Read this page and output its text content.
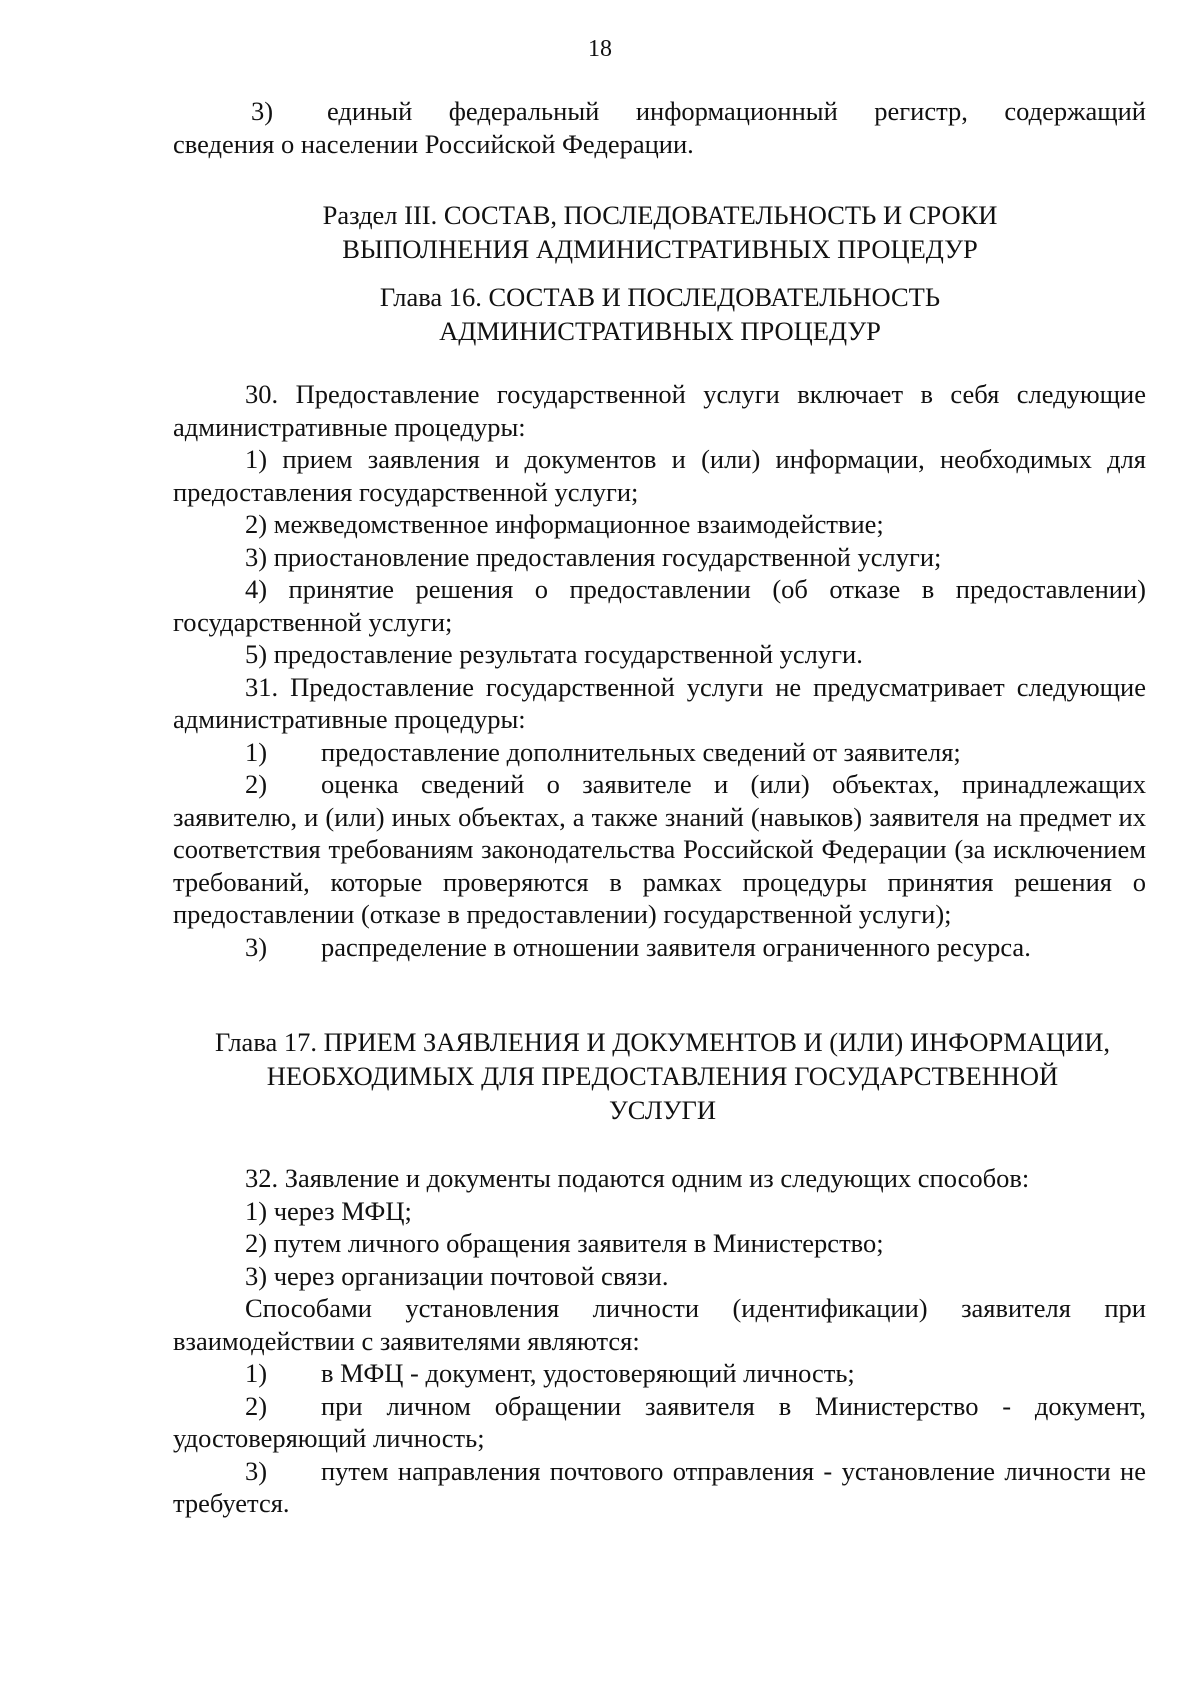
18

3) единый федеральный информационный регистр, содержащий

сведения о населении Российской Федерации.

Раздел III. СОСТАВ, ПОСЛЕДОВАТЕЛЬНОСТЬ И СРОКИ

ВЫПОЛНЕНИЯ АДМИНИСТРАТИВНЫХ ПРОЦЕДУР

Глава 16. СОСТАВ И ПОСЛЕДОВАТЕЛЬНОСТЬ

АДМИНИСТРАТИВНЫХ ПРОЦЕДУР

30. Предоставление государственной услуги включает в себя следующие административные процедуры:

1) прием заявления и документов и (или) информации, необходимых для предоставления государственной услуги;

2) межведомственное информационное взаимодействие;

3) приостановление предоставления государственной услуги;

4) принятие решения о предоставлении (об отказе в предоставлении) государственной услуги;

5) предоставление результата государственной услуги.

31. Предоставление государственной услуги не предусматривает следующие административные процедуры:

1) предоставление дополнительных сведений от заявителя;

2) оценка сведений о заявителе и (или) объектах, принадлежащих заявителю, и (или) иных объектах, а также знаний (навыков) заявителя на предмет их соответствия требованиям законодательства Российской Федерации (за исключением требований, которые проверяются в рамках процедуры принятия решения о предоставлении (отказе в предоставлении) государственной услуги);

3) распределение в отношении заявителя ограниченного ресурса.

Глава 17. ПРИЕМ ЗАЯВЛЕНИЯ И ДОКУМЕНТОВ И (ИЛИ) ИНФОРМАЦИИ,

НЕОБХОДИМЫХ ДЛЯ ПРЕДОСТАВЛЕНИЯ ГОСУДАРСТВЕННОЙ

УСЛУГИ

32. Заявление и документы подаются одним из следующих способов:

1) через МФЦ;

2) путем личного обращения заявителя в Министерство;

3) через организации почтовой связи.

Способами установления личности (идентификации) заявителя при взаимодействии с заявителями являются:

1) в МФЦ - документ, удостоверяющий личность;

2) при личном обращении заявителя в Министерство - документ, удостоверяющий личность;

3) путем направления почтового отправления - установление личности не требуется.
